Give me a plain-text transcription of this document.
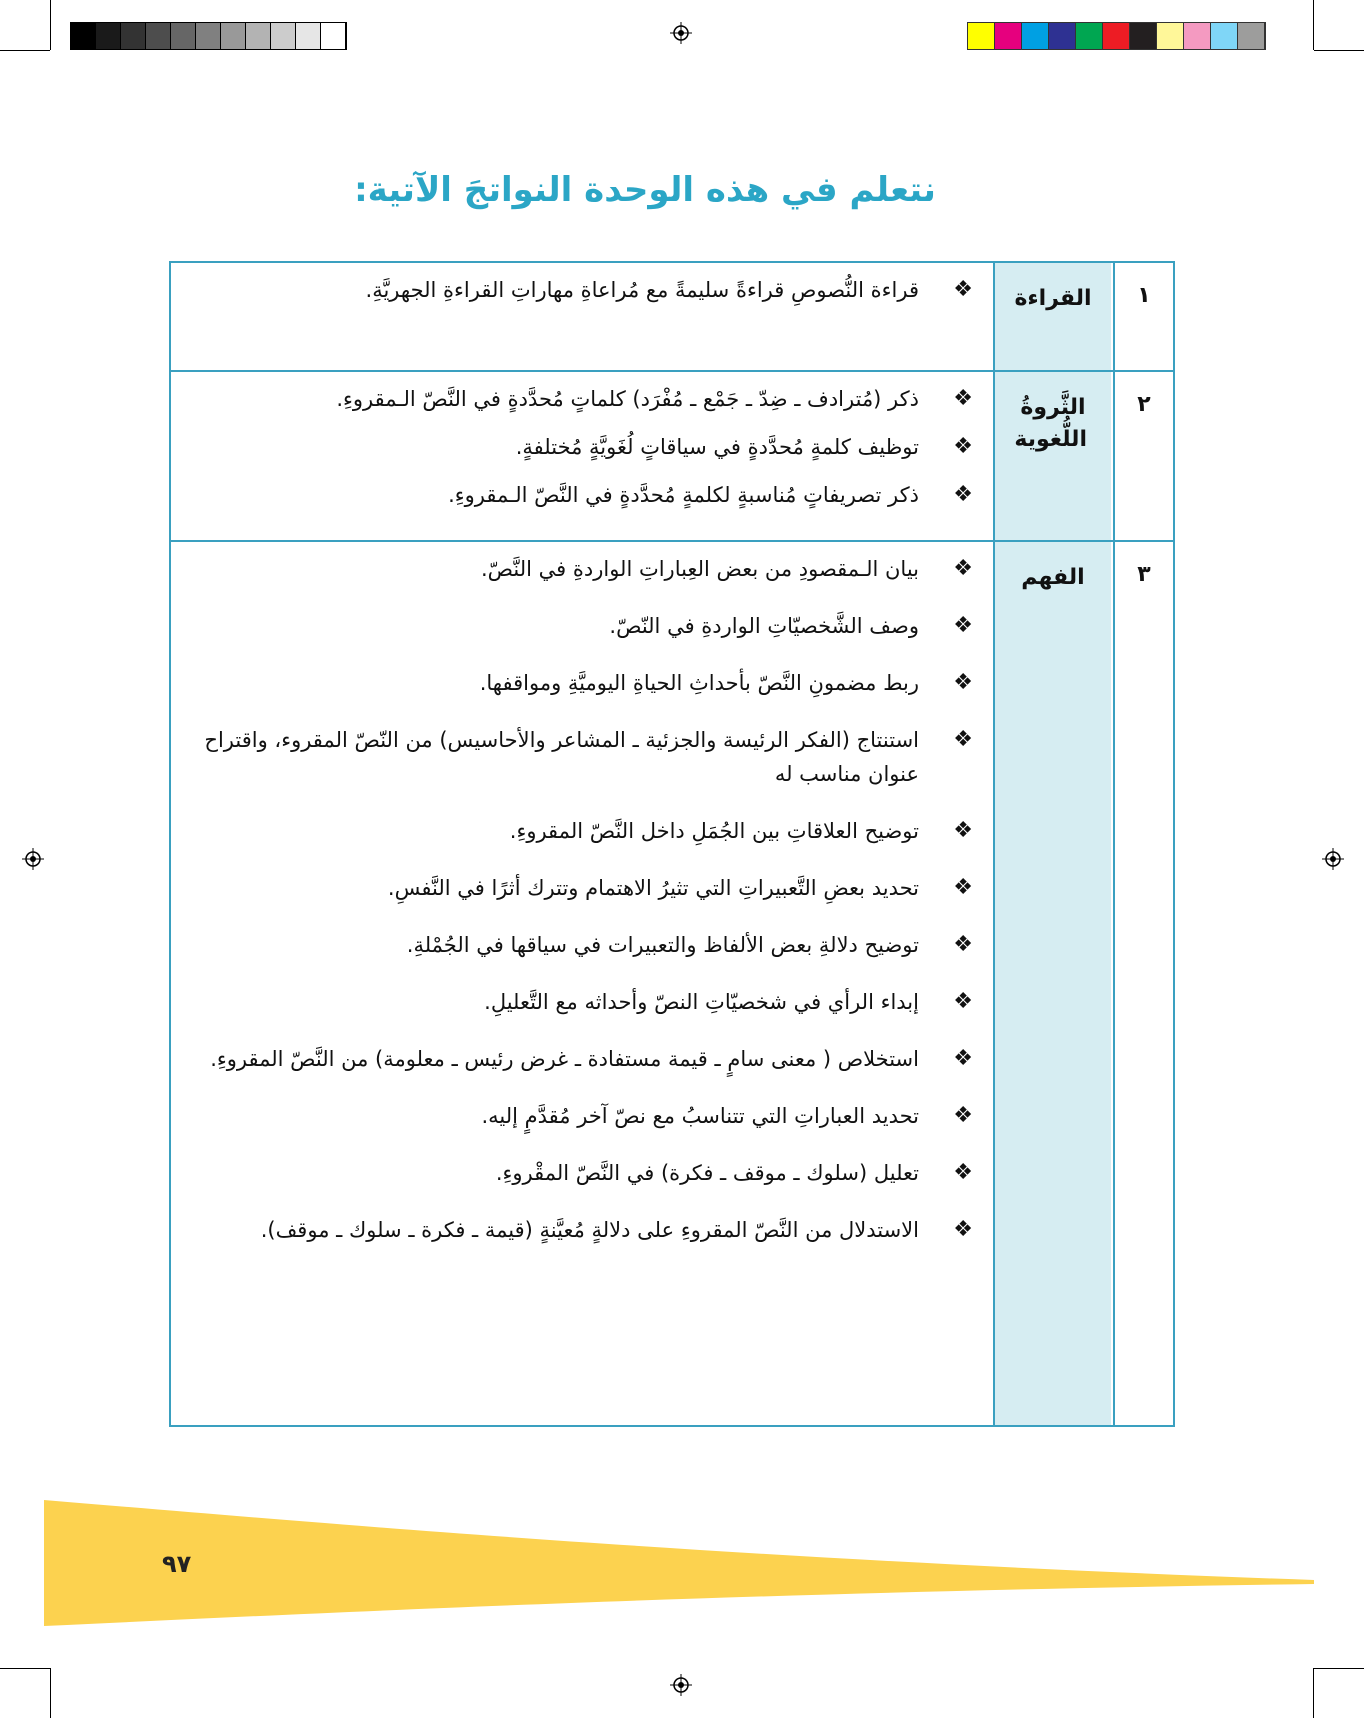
نتعلم في هذه الوحدة النواتجَ الآتية:
١
القراءة
❖
قراءة النُّصوصِ قراءةً سليمةً مع مُراعاةِ مهاراتِ القراءةِ الجهريَّةِ.
٢
الثَّروةُ اللُّغوية
❖
ذكر (مُترادف ـ ضِدّ ـ جَمْع ـ مُفْرَد) كلماتٍ مُحدَّدةٍ في النَّصّ الـمقروءِ.
❖
توظيف كلمةٍ مُحدَّدةٍ في سياقاتٍ لُغَويَّةٍ مُختلفةٍ.
❖
ذكر تصريفاتٍ مُناسبةٍ لكلمةٍ مُحدَّدةٍ في النَّصّ الـمقروءِ.
٣
الفهم
❖
بيان الـمقصودِ من بعض العِباراتِ الواردةِ في النَّصّ.
❖
وصف الشَّخصيّاتِ الواردةِ في النّصّ.
❖
ربط مضمونِ النَّصّ بأحداثِ الحياةِ اليوميَّةِ ومواقفها.
❖
استنتاج (الفكر الرئيسة والجزئية ـ المشاعر والأحاسيس) من النّصّ المقروء، واقتراح عنوان مناسب له
❖
توضيح العلاقاتِ بين الجُمَلِ داخل النَّصّ المقروءِ.
❖
تحديد بعضِ التَّعبيراتِ التي تثيرُ الاهتمام وتترك أثرًا في النَّفسِ.
❖
توضيح دلالةِ بعض الألفاظ والتعبيرات في سياقها في الجُمْلةِ.
❖
إبداء الرأي في شخصيّاتِ النصّ وأحداثه مع التَّعليلِ.
❖
استخلاص ( معنى سامٍ ـ قيمة مستفادة ـ غرض رئيس ـ معلومة) من النَّصّ المقروءِ.
❖
تحديد العباراتِ التي تتناسبُ مع نصّ آخر مُقدَّمٍ إليه.
❖
تعليل (سلوك ـ موقف ـ فكرة) في النَّصّ المقْروءِ.
❖
الاستدلال من النَّصّ المقروءِ على دلالةٍ مُعيَّنةٍ (قيمة ـ فكرة ـ سلوك ـ موقف).
٩٧
